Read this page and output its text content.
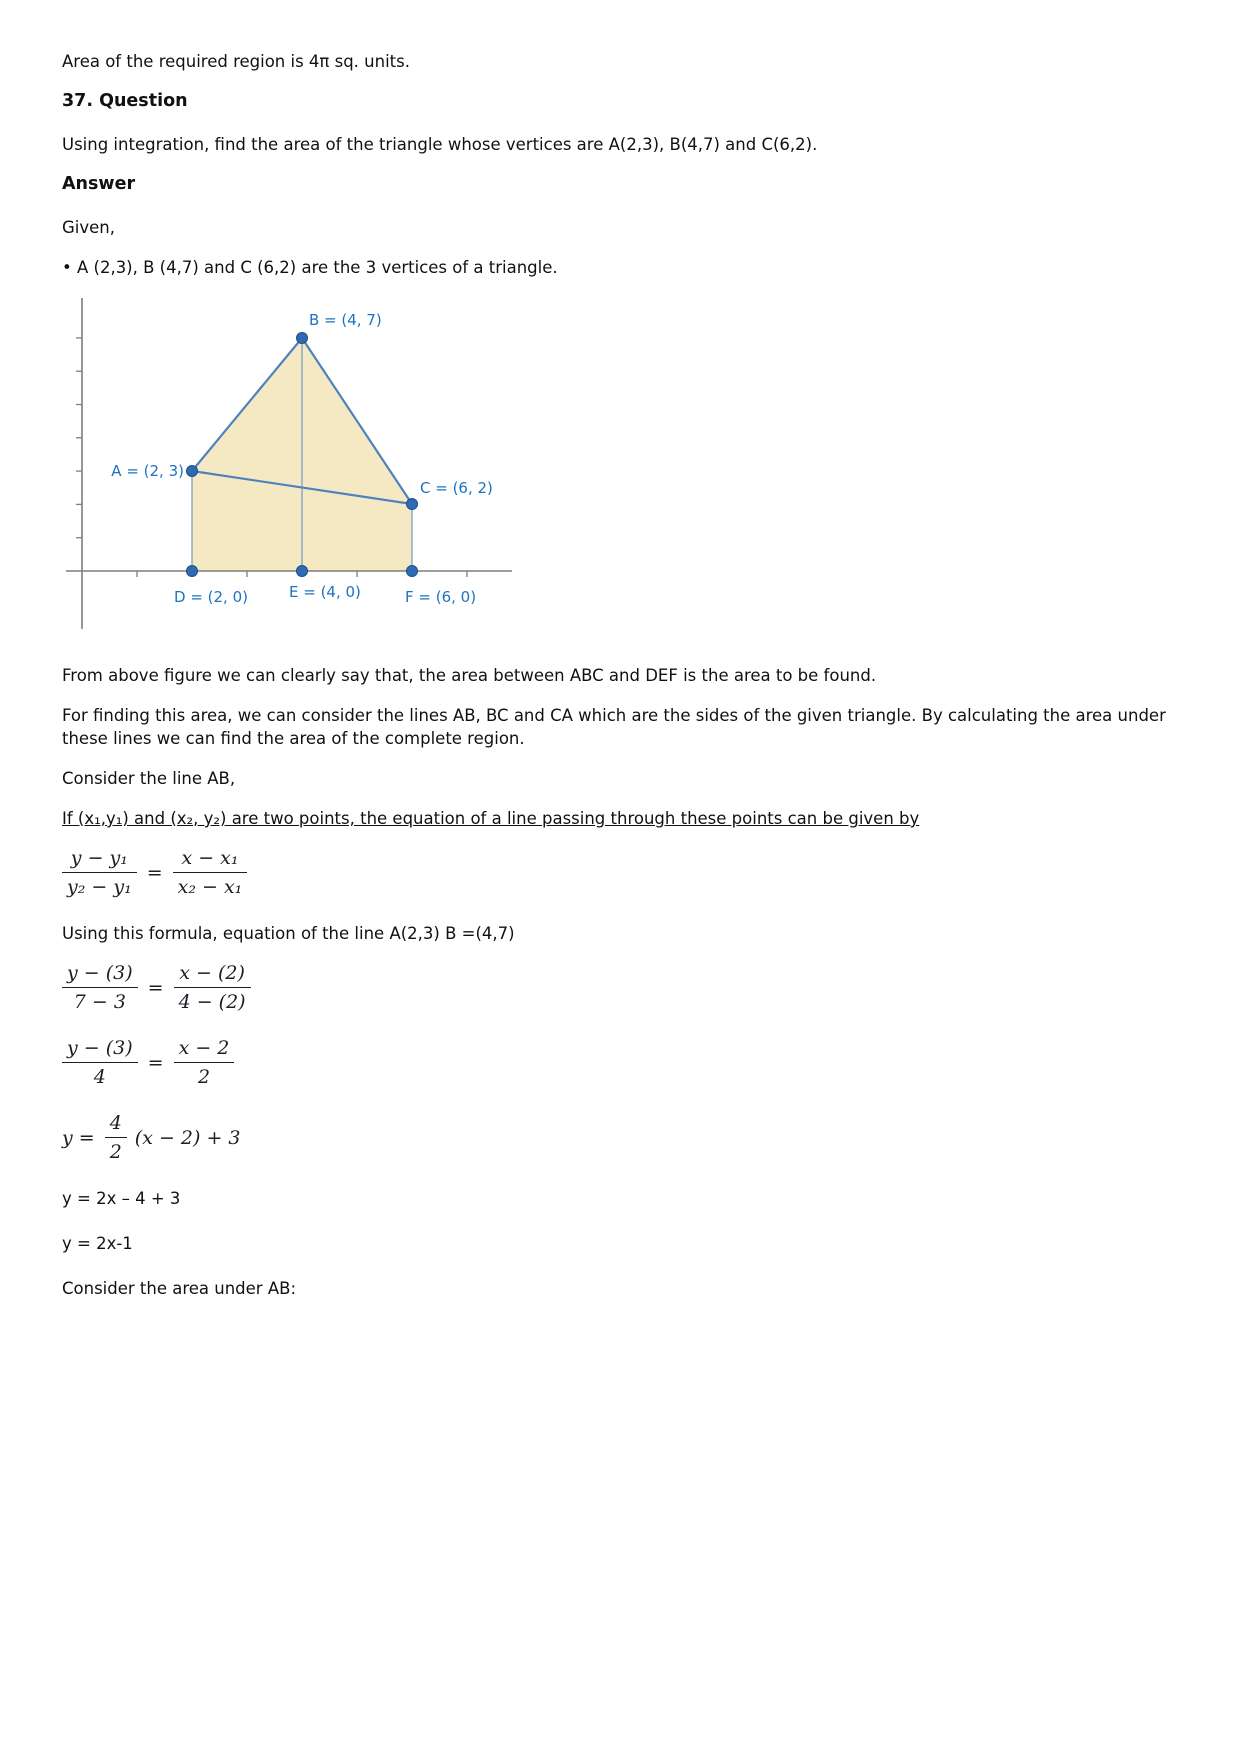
Area of the required region is 4π sq. units.

37. Question

Using integration, find the area of the triangle whose vertices are A(2,3), B(4,7) and C(6,2).

Answer

Given,

• A (2,3), B (4,7) and C (6,2) are the 3 vertices of a triangle.

B = (4, 7)
A = (2, 3)
C = (6, 2)
D = (2, 0)	E = (4, 0)	F = (6, 0)

From above figure we can clearly say that, the area between ABC and DEF is the area to be found.

For finding this area, we can consider the lines AB, BC and CA which are the sides of the given triangle. By calculating the area under these lines we can find the area of the complete region.

Consider the line AB,

If (x₁,y₁) and (x₂, y₂) are two points, the equation of a line passing through these points can be given by

$\frac{\text{y − y₁}}{\text{y₂ − y₁}} = \frac{\text{x − x₁}}{\text{x₂ − x₁}}$

Using this formula, equation of the line A(2,3) B =(4,7)

$\frac{y - (3)}{7 - 3} = \frac{x - (2)}{4 - (2)}$
$\frac{y - (3)}{4} = \frac{x - 2}{2}$
$y = \frac{4}{2} (x - 2) + 3$

y = 2x – 4 + 3

y = 2x-1

Consider the area under AB:
